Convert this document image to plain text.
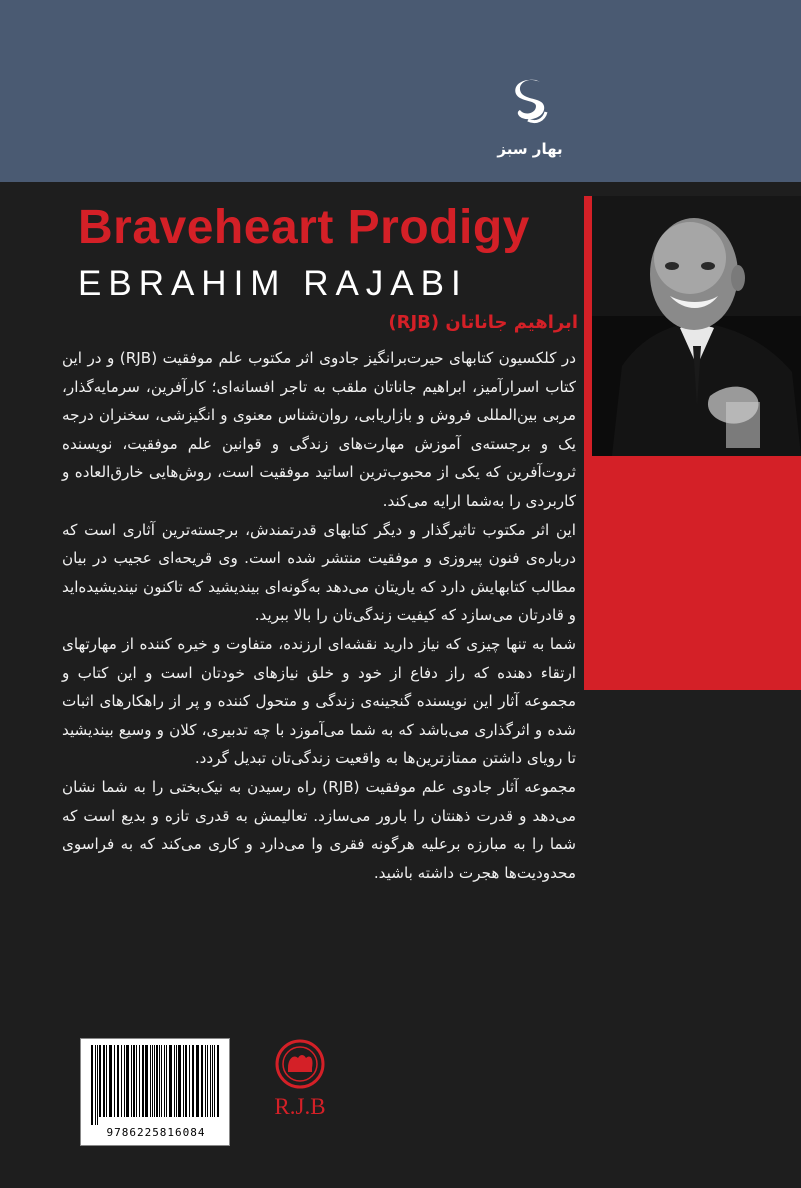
بهار سبز
Braveheart Prodigy
EBRAHIM RAJABI
ابراهیم جاناتان (RJB)

در کلکسیون کتابهای حیرت‌برانگیز جادوی اثر مکتوب علم موفقیت (RJB) و در این کتاب اسرارآمیز، ابراهیم جاناتان ملقب به تاجر افسانه‌ای؛ کارآفرین، سرمایه‌گذار، مربی بین‌المللی فروش و بازاریابی، روان‌شناس معنوی و انگیزشی، سخنران درجه یک و برجسته‌ی آموزش مهارت‌های زندگی و قوانین علم موفقیت، نویسنده ثروت‌آفرین که یکی از محبوب‌ترین اساتید موفقیت است، روش‌هایی خارق‌العاده و کاربردی را به‌شما ارایه می‌کند.

این اثر مکتوب تاثیرگذار و دیگر کتابهای قدرتمندش، برجسته‌ترین آثاری است که درباره‌ی فنون پیروزی و موفقیت منتشر شده است. وی قریحه‌ای عجیب در بیان مطالب کتابهایش دارد که یاریتان می‌دهد به‌گونه‌ای بیندیشید که تاکنون نیندیشیده‌اید و قادرتان می‌سازد که کیفیت زندگی‌تان را بالا ببرید.

شما به تنها چیزی که نیاز دارید نقشه‌ای ارزنده، متفاوت و خیره کننده از مهارتهای ارتقاء دهنده که راز دفاع از خود و خلق نیازهای خودتان است و این کتاب و مجموعه آثار این نویسنده گنجینه‌ی زندگی و متحول کننده و پر از راهکارهای اثبات شده و اثرگذاری می‌باشد که به شما می‌آموزد با چه تدبیری، کلان و وسیع بیندیشید تا رویای داشتن ممتازترین‌ها به واقعیت زندگی‌تان تبدیل گردد.

مجموعه آثار جادوی علم موفقیت (RJB) راه رسیدن به نیک‌بختی را به شما نشان می‌دهد و قدرت ذهنتان را بارور می‌سازد. تعالیمش به قدری تازه و بدیع است که شما را به مبارزه برعلیه هرگونه فقری وا می‌دارد و کاری می‌کند که به فراسوی محدودیت‌ها هجرت داشته باشید.

9786225816084
R.J.B
